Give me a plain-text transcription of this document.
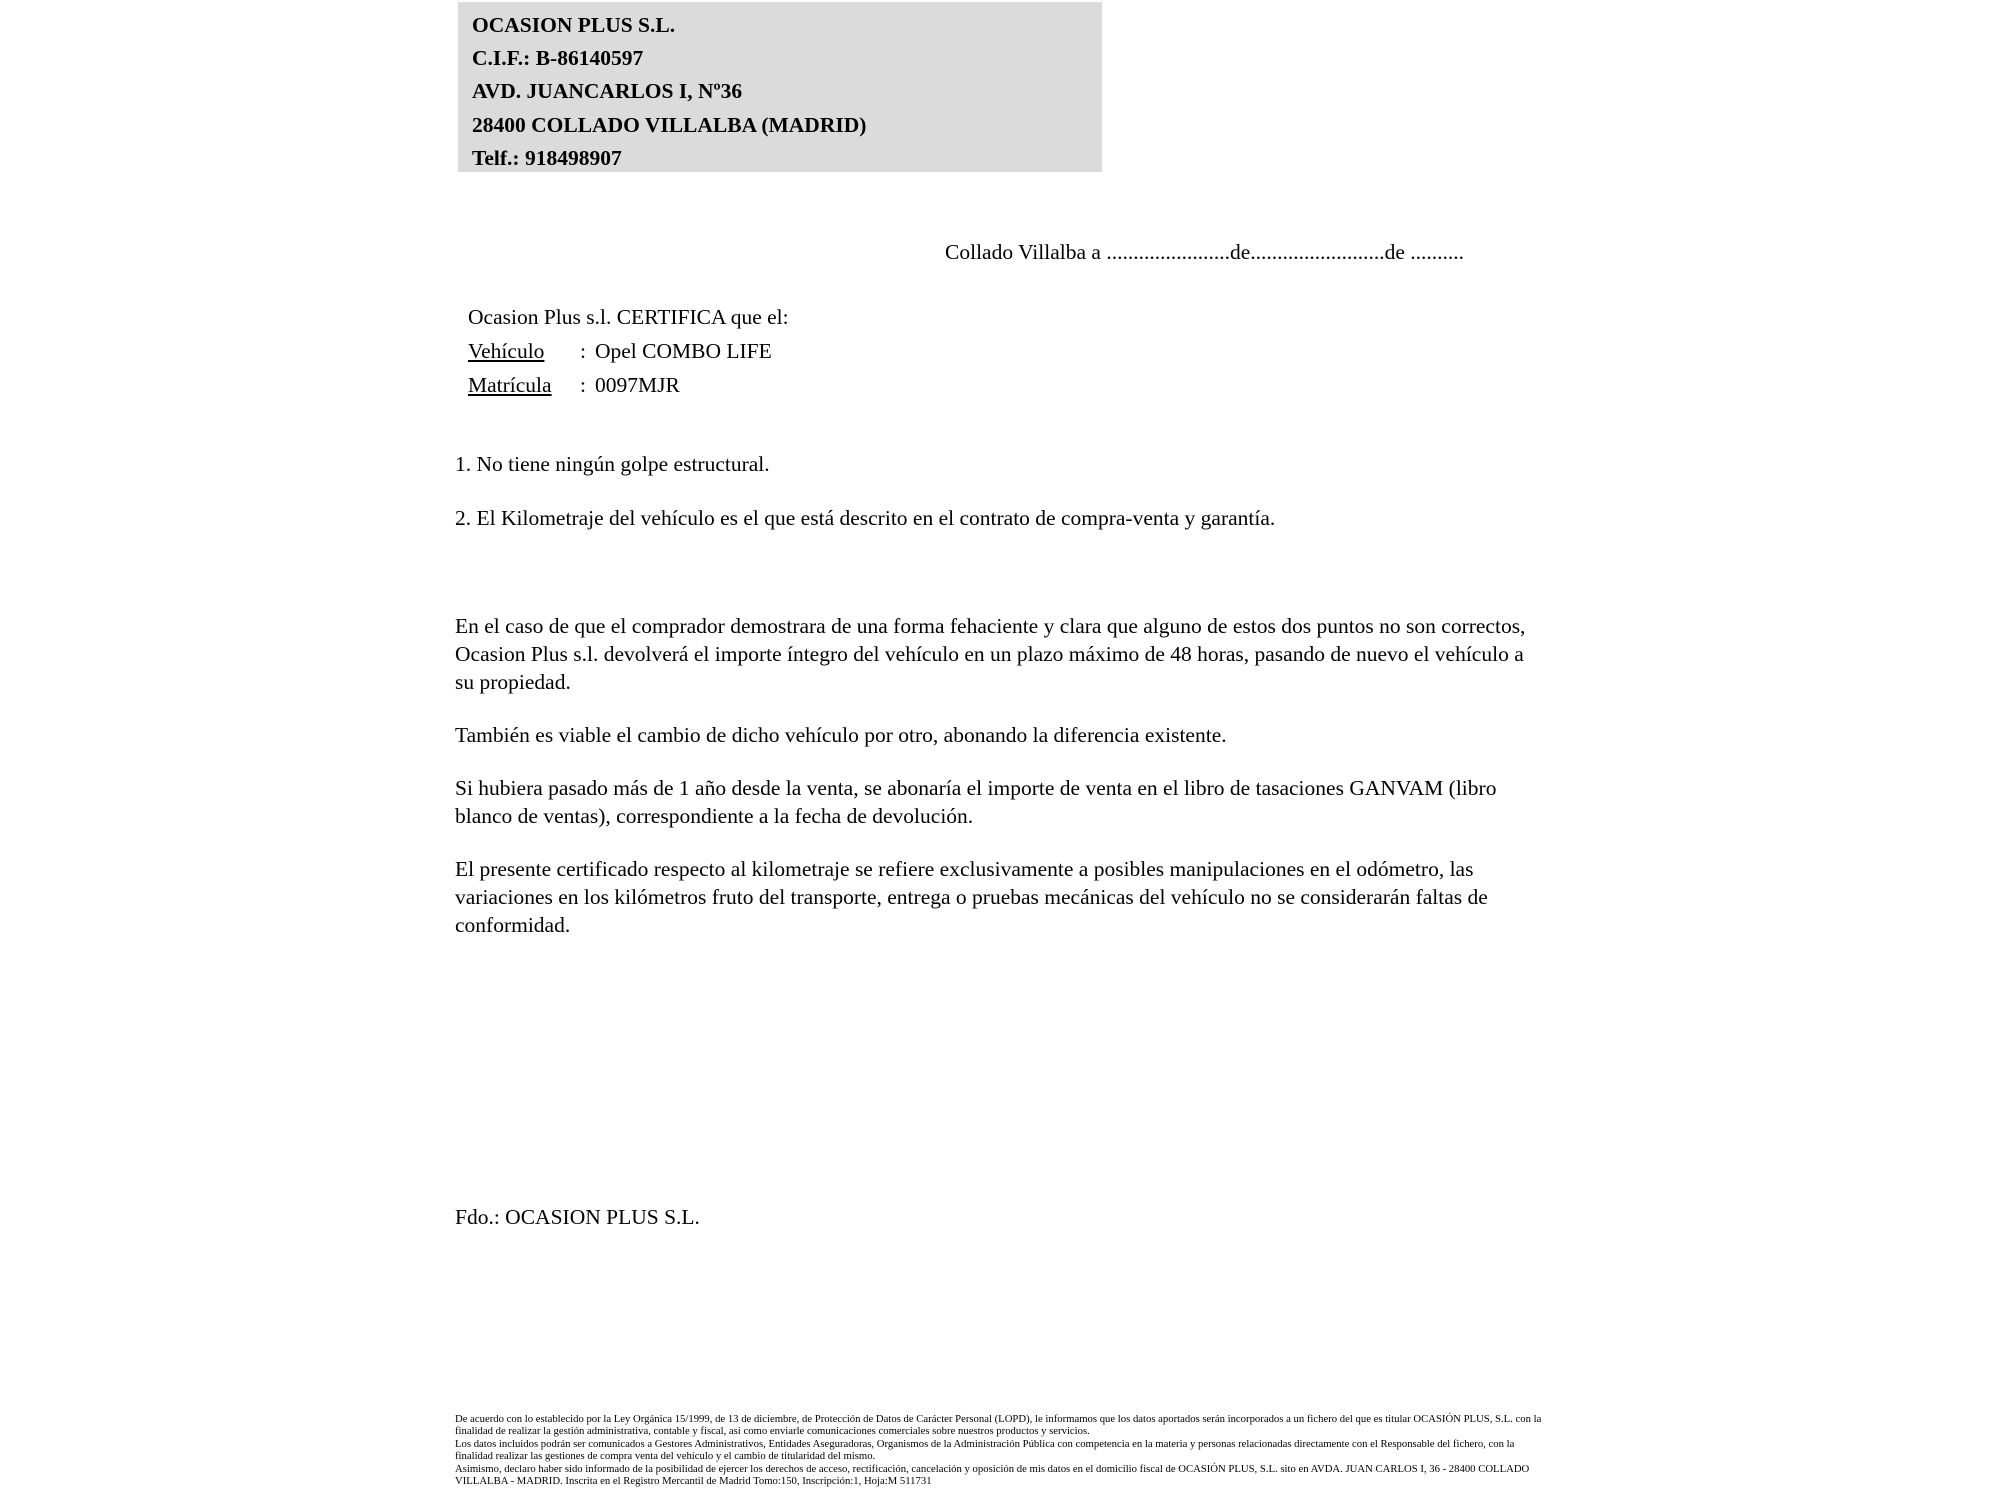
OCASION PLUS S.L.
C.I.F.: B-86140597
AVD. JUANCARLOS I, Nº36
28400 COLLADO VILLALBA (MADRID)
Telf.: 918498907
Collado Villalba a .......................de.........................de ..........
Ocasion Plus s.l. CERTIFICA que el:
Vehículo : Opel COMBO LIFE
Matrícula : 0097MJR

1. No tiene ningún golpe estructural.

2. El Kilometraje del vehículo es el que está descrito en el contrato de compra-venta y garantía.

En el caso de que el comprador demostrara de una forma fehaciente y clara que alguno de estos dos puntos no son correctos, Ocasion Plus s.l. devolverá el importe íntegro del vehículo en un plazo máximo de 48 horas, pasando de nuevo el vehículo a su propiedad.

También es viable el cambio de dicho vehículo por otro, abonando la diferencia existente.

Si hubiera pasado más de 1 año desde la venta, se abonaría el importe de venta en el libro de tasaciones GANVAM (libro blanco de ventas), correspondiente a la fecha de devolución.

El presente certificado respecto al kilometraje se refiere exclusivamente a posibles manipulaciones en el odómetro, las variaciones en los kilómetros fruto del transporte, entrega o pruebas mecánicas del vehículo no se considerarán faltas de conformidad.

Fdo.: OCASION PLUS S.L.

De acuerdo con lo establecido por la Ley Orgánica 15/1999, de 13 de diciembre, de Protección de Datos de Carácter Personal (LOPD), le informamos que los datos aportados serán incorporados a un fichero del que es titular OCASIÓN PLUS, S.L. con la finalidad de realizar la gestión administrativa, contable y fiscal, así como enviarle comunicaciones comerciales sobre nuestros productos y servicios.

Los datos incluidos podrán ser comunicados a Gestores Administrativos, Entidades Aseguradoras, Organismos de la Administración Pública con competencia en la materia y personas relacionadas directamente con el Responsable del fichero, con la finalidad realizar las gestiones de compra venta del vehículo y el cambio de titularidad del mismo.

Asimismo, declaro haber sido informado de la posibilidad de ejercer los derechos de acceso, rectificación, cancelación y oposición de mis datos en el domicilio fiscal de OCASIÓN PLUS, S.L. sito en AVDA. JUAN CARLOS I, 36 - 28400 COLLADO VILLALBA - MADRID. Inscrita en el Registro Mercantil de Madrid Tomo:150, Inscripción:1, Hoja:M 511731
